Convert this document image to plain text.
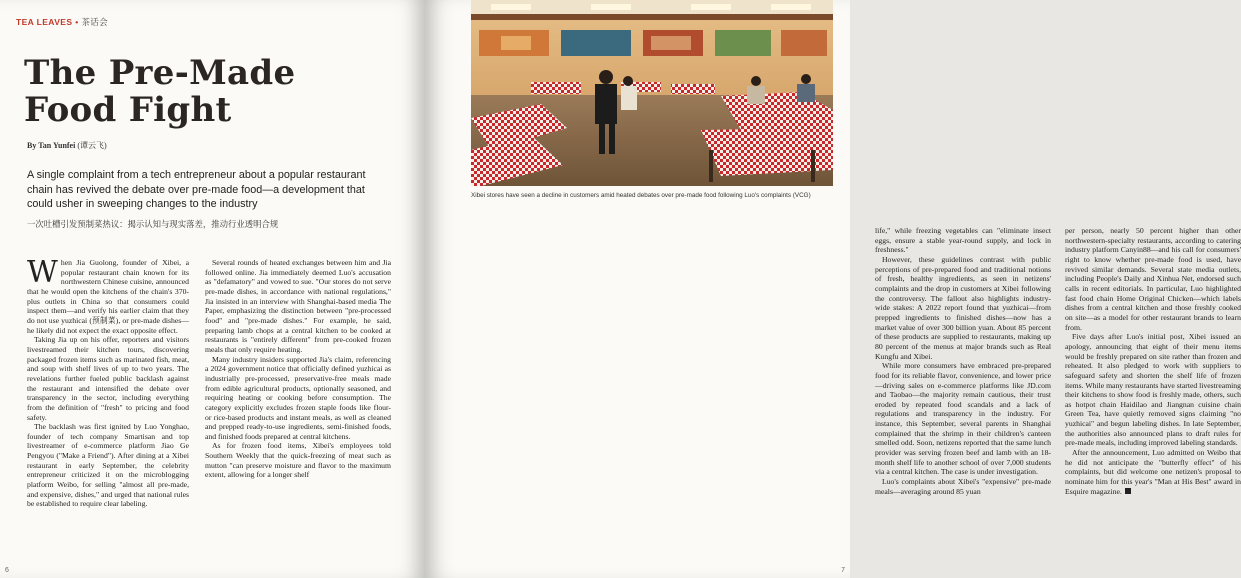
TEA LEAVES • 茶话会
The Pre-Made
Food Fight
By Tan Yunfei (谭云飞)
A single complaint from a tech entrepreneur about a popular restaurant chain has revived the debate over pre-made food—a development that could usher in sweeping changes to the industry
一次吐槽引发预制菜热议：揭示认知与现实落差，推动行业透明合规

When Jia Guolong, founder of Xibei, a popular restaurant chain known for its northwestern Chinese cuisine, announced that he would open the kitchens of the chain's 370-plus outlets in China so that consumers could inspect them—and verify his earlier claim that they do not use yuzhicai (预制菜), or pre-made dishes—he likely did not expect the exact opposite effect.

Taking Jia up on his offer, reporters and visitors livestreamed their kitchen tours, discovering packaged frozen items such as marinated fish, meat, and soup with shelf lives of up to two years. The revelations further fueled public backlash against the restaurant and intensified the debate over transparency in the sector, including everything from the definition of "fresh" to pricing and food safety.

The backlash was first ignited by Luo Yonghao, founder of tech company Smartisan and top livestreamer of e-commerce platform Jiao Ge Pengyou ("Make a Friend"). After dining at a Xibei restaurant in early September, the celebrity entrepreneur criticized it on the microblogging platform Weibo, for selling "almost all pre-made, and expensive, dishes," and urged that national rules be established to require clear labeling.

Several rounds of heated exchanges between him and Jia followed online. Jia immediately deemed Luo's accusation as "defamatory" and vowed to sue. "Our stores do not serve pre-made dishes, in accordance with national regulations," Jia insisted in an interview with Shanghai-based media The Paper, emphasizing the distinction between "pre-processed food" and "pre-made dishes." For example, he said, preparing lamb chops at a central kitchen to be cooked at restaurants is "entirely different" from pre-cooked frozen meals that only require heating.

Many industry insiders supported Jia's claim, referencing a 2024 government notice that officially defined yuzhicai as industrially pre-processed, preservative-free meals made from edible agricultural products, optionally seasoned, and requiring heating or cooking before consumption. The category explicitly excludes frozen staple foods like flour- or rice-based products and instant meals, as well as cleaned and prepped ready-to-use ingredients, semi-finished foods, and finished foods prepared at central kitchens.

As for frozen food items, Xibei's employees told Southern Weekly that the quick-freezing of meat such as mutton "can preserve moisture and flavor to the maximum extent, allowing for a longer shelf

6
Xibei stores have seen a decline in customers amid heated debates over pre-made food following Luo's complaints (VCG)

life," while freezing vegetables can "eliminate insect eggs, ensure a stable year-round supply, and lock in freshness."

However, these guidelines contrast with public perceptions of pre-prepared food and traditional notions of fresh, healthy ingredients, as seen in netizens' complaints and the drop in customers at Xibei following the controversy. The fallout also highlights industry-wide stakes: A 2022 report found that yuzhicai—from prepped ingredients to finished dishes—now has a market value of over 300 billion yuan. About 85 percent of these products are supplied to restaurants, making up 80 percent of the menus at major brands such as Real Kungfu and Xibei.

While more consumers have embraced pre-prepared food for its reliable flavor, convenience, and lower price—driving sales on e-commerce platforms like JD.com and Taobao—the majority remain cautious, their trust eroded by repeated food scandals and a lack of regulations and transparency in the industry. For instance, this September, several parents in Shanghai complained that the shrimp in their children's canteen smelled odd. Soon, netizens reported that the same lunch provider was serving frozen beef and lamb with an 18-month shelf life to another school of over 7,000 students via a central kitchen. The case is under investigation.

Luo's complaints about Xibei's "expensive" pre-made meals—averaging around 85 yuan

per person, nearly 50 percent higher than other northwestern-specialty restaurants, according to catering industry platform Canyin88—and his call for consumers' right to know whether pre-made food is used, have revived similar demands. Several state media outlets, including People's Daily and Xinhua Net, endorsed such calls in recent editorials. In particular, Luo highlighted fast food chain Home Original Chicken—which labels dishes from a central kitchen and those freshly cooked on site—as a model for other restaurant brands to learn from.

Five days after Luo's initial post, Xibei issued an apology, announcing that eight of their menu items would be freshly prepared on site rather than frozen and reheated. It also pledged to work with suppliers to safeguard safety and shorten the shelf life of frozen items. While many restaurants have started livestreaming their kitchens to show food is freshly made, others, such as hotpot chain Haidilao and Jiangnan cuisine chain Green Tea, have quietly removed signs claiming "no yuzhicai" and begun labeling dishes. In late September, the authorities also announced plans to draft rules for pre-made meals, including improved labeling standards.

After the announcement, Luo admitted on Weibo that he did not anticipate the "butterfly effect" of his complaints, but did welcome one netizen's proposal to nominate him for this year's "Man at His Best" award in Esquire magazine.

7
